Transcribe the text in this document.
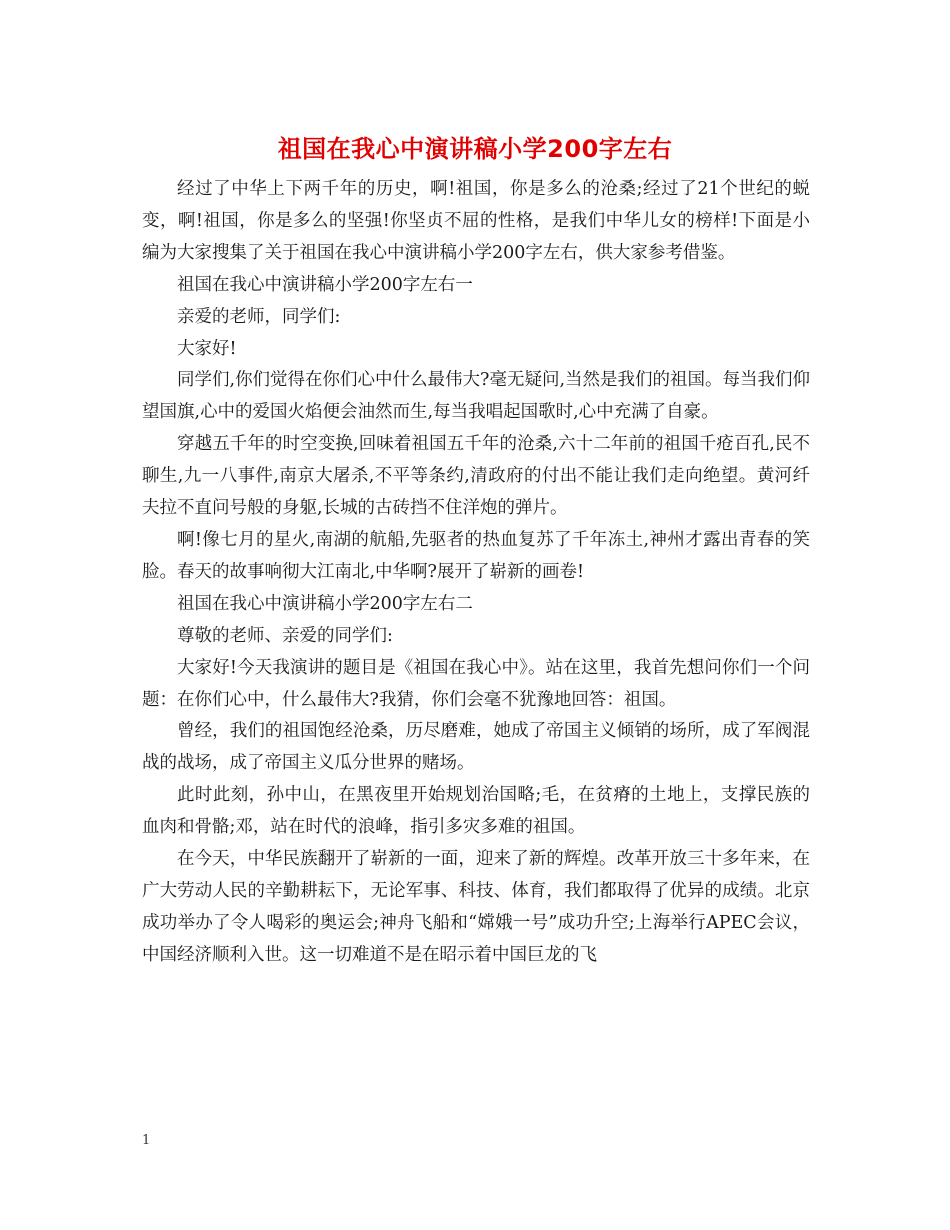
祖国在我心中演讲稿小学200字左右

经过了中华上下两千年的历史，啊!祖国，你是多么的沧桑;经过了21个世纪的蜕变，啊!祖国，你是多么的坚强!你坚贞不屈的性格，是我们中华儿女的榜样!下面是小编为大家搜集了关于祖国在我心中演讲稿小学200字左右，供大家参考借鉴。

祖国在我心中演讲稿小学200字左右一

亲爱的老师，同学们:

大家好!

同学们,你们觉得在你们心中什么最伟大?毫无疑问,当然是我们的祖国。每当我们仰望国旗,心中的爱国火焰便会油然而生,每当我唱起国歌时,心中充满了自豪。

穿越五千年的时空变换,回味着祖国五千年的沧桑,六十二年前的祖国千疮百孔,民不聊生,九一八事件,南京大屠杀,不平等条约,清政府的付出不能让我们走向绝望。黄河纤夫拉不直问号般的身躯,长城的古砖挡不住洋炮的弹片。

啊!像七月的星火,南湖的航船,先驱者的热血复苏了千年冻土,神州才露出青春的笑脸。春天的故事响彻大江南北,中华啊?展开了崭新的画卷!

祖国在我心中演讲稿小学200字左右二

尊敬的老师、亲爱的同学们:

大家好!今天我演讲的题目是《祖国在我心中》。站在这里，我首先想问你们一个问题：在你们心中，什么最伟大?我猜，你们会毫不犹豫地回答：祖国。

曾经，我们的祖国饱经沧桑，历尽磨难，她成了帝国主义倾销的场所，成了军阀混战的战场，成了帝国主义瓜分世界的赌场。

此时此刻，孙中山，在黑夜里开始规划治国略;毛，在贫瘠的土地上，支撑民族的血肉和骨骼;邓，站在时代的浪峰，指引多灾多难的祖国。

在今天，中华民族翻开了崭新的一面，迎来了新的辉煌。改革开放三十多年来，在广大劳动人民的辛勤耕耘下，无论军事、科技、体育，我们都取得了优异的成绩。北京成功举办了令人喝彩的奥运会;神舟飞船和“嫦娥一号”成功升空;上海举行APEC会议，中国经济顺利入世。这一切难道不是在昭示着中国巨龙的飞

1
